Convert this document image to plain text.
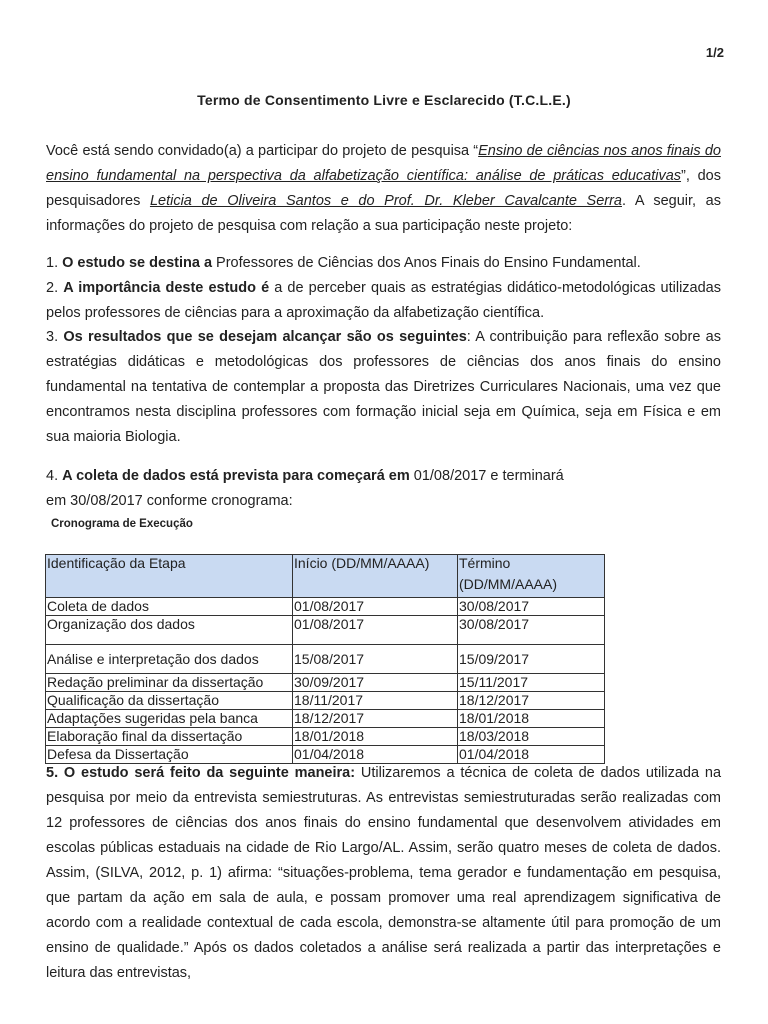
1/2
Termo de Consentimento Livre e Esclarecido (T.C.L.E.)
Você está sendo convidado(a) a participar do projeto de pesquisa “Ensino de ciências nos anos finais do ensino fundamental na perspectiva da alfabetização científica: análise de práticas educativas”, dos pesquisadores Leticia de Oliveira Santos e do Prof. Dr. Kleber Cavalcante Serra. A seguir, as informações do projeto de pesquisa com relação a sua participação neste projeto:
1. O estudo se destina a Professores de Ciências dos Anos Finais do Ensino Fundamental.
2. A importância deste estudo é a de perceber quais as estratégias didático-metodológicas utilizadas pelos professores de ciências para a aproximação da alfabetização científica.
3. Os resultados que se desejam alcançar são os seguintes: A contribuição para reflexão sobre as estratégias didáticas e metodológicas dos professores de ciências dos anos finais do ensino fundamental na tentativa de contemplar a proposta das Diretrizes Curriculares Nacionais, uma vez que encontramos nesta disciplina professores com formação inicial seja em Química, seja em Física e em sua maioria Biologia.
4. A coleta de dados está prevista para começará em 01/08/2017 e terminará
em 30/08/2017 conforme cronograma:
Cronograma de Execução
Identificação da Etapa	Início (DD/MM/AAAA)	Término
(DD/MM/AAAA)

Coleta de dados	01/08/2017	30/08/2017
Organização dos dados	01/08/2017	30/08/2017
Análise e interpretação dos dados	15/08/2017	15/09/2017
Redação preliminar da dissertação	30/09/2017	15/11/2017
Qualificação da dissertação	18/11/2017	18/12/2017
Adaptações sugeridas pela banca	18/12/2017	18/01/2018
Elaboração final da dissertação	18/01/2018	18/03/2018
Defesa da Dissertação	01/04/2018	01/04/2018
5. O estudo será feito da seguinte maneira: Utilizaremos a técnica de coleta de dados utilizada na pesquisa por meio da entrevista semiestruturas. As entrevistas semiestruturadas serão realizadas com 12 professores de ciências dos anos finais do ensino fundamental que desenvolvem atividades em escolas públicas estaduais na cidade de Rio Largo/AL. Assim, serão quatro meses de coleta de dados. Assim, (SILVA, 2012, p. 1) afirma: “situações-problema, tema gerador e fundamentação em pesquisa, que partam da ação em sala de aula, e possam promover uma real aprendizagem significativa de acordo com a realidade contextual de cada escola, demonstra-se altamente útil para promoção de um ensino de qualidade.” Após os dados coletados a análise será realizada a partir das interpretações e leitura das entrevistas,
